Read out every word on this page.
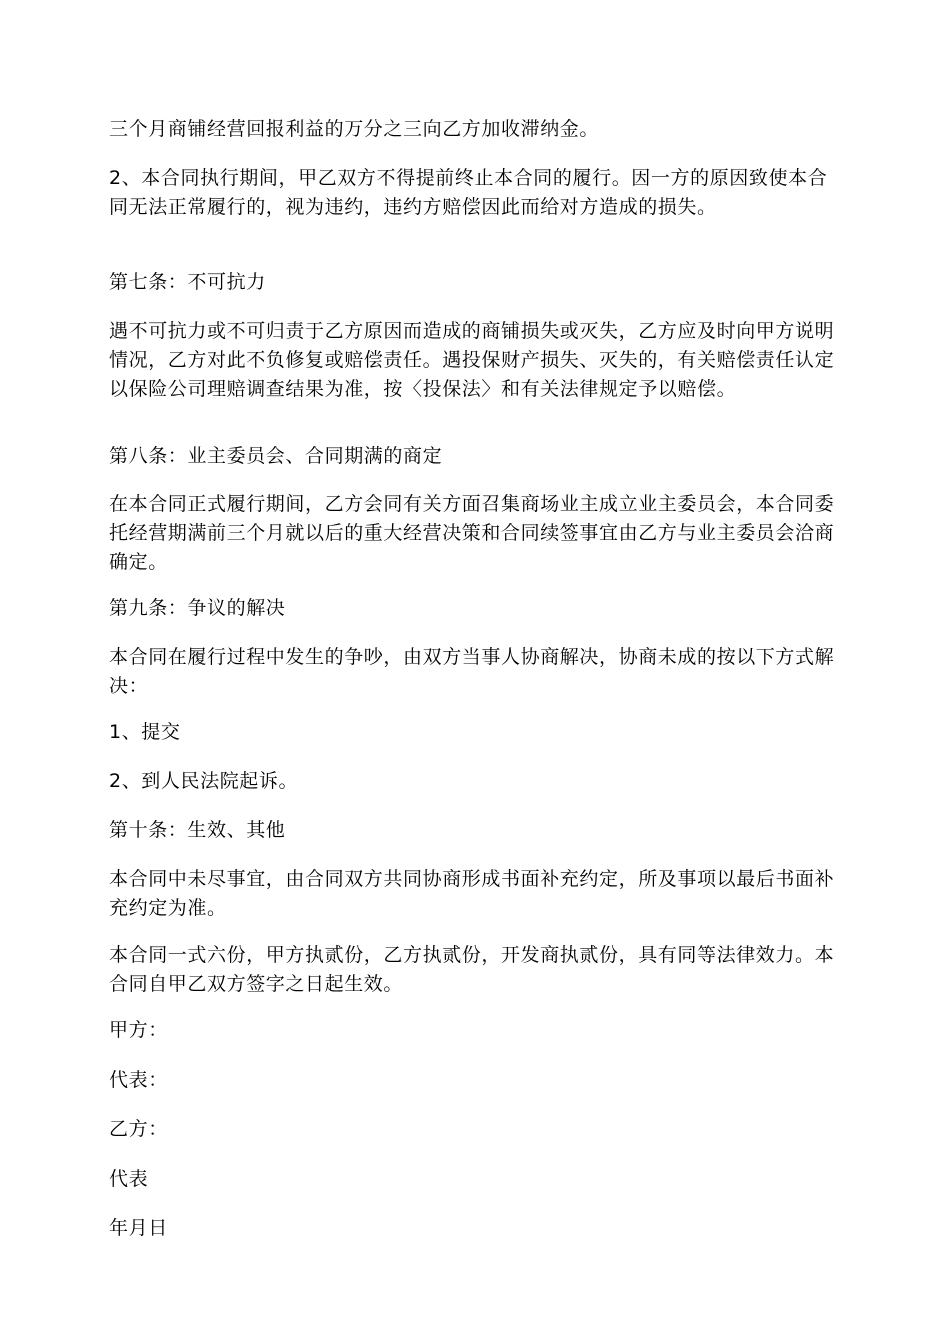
三个月商铺经营回报利益的万分之三向乙方加收滞纳金。

2、本合同执行期间，甲乙双方不得提前终止本合同的履行。因一方的原因致使本合同无法正常履行的，视为违约，违约方赔偿因此而给对方造成的损失。

第七条：不可抗力

遇不可抗力或不可归责于乙方原因而造成的商铺损失或灭失，乙方应及时向甲方说明情况，乙方对此不负修复或赔偿责任。遇投保财产损失、灭失的，有关赔偿责任认定以保险公司理赔调查结果为准，按〈投保法〉和有关法律规定予以赔偿。

第八条：业主委员会、合同期满的商定

在本合同正式履行期间，乙方会同有关方面召集商场业主成立业主委员会，本合同委托经营期满前三个月就以后的重大经营决策和合同续签事宜由乙方与业主委员会洽商确定。

第九条：争议的解决

本合同在履行过程中发生的争吵，由双方当事人协商解决，协商未成的按以下方式解决：

1、提交

2、到人民法院起诉。

第十条：生效、其他

本合同中未尽事宜，由合同双方共同协商形成书面补充约定，所及事项以最后书面补充约定为准。

本合同一式六份，甲方执贰份，乙方执贰份，开发商执贰份，具有同等法律效力。本合同自甲乙双方签字之日起生效。

甲方：

代表：

乙方：

代表

年月日
